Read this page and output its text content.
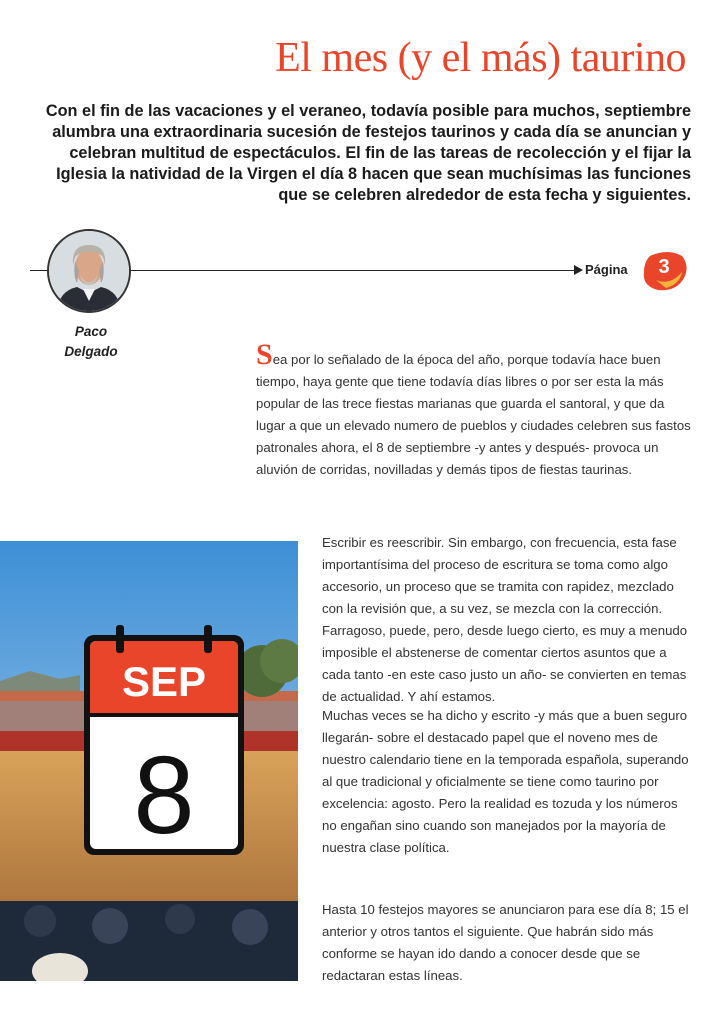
El mes (y el más) taurino

Con el fin de las vacaciones y el veraneo, todavía posible para muchos, septiembre alumbra una extraordinaria sucesión de festejos taurinos y cada día se anuncian y celebran multitud de espectáculos. El fin de las tareas de recolección y el fijar la Iglesia la natividad de la Virgen el día 8 hacen que sean muchísimas las funciones que se celebren alrededor de esta fecha y siguientes.

Paco
Delgado

Página	3

Sea por lo señalado de la época del año, porque todavía hace buen tiempo, haya gente que tiene todavía días libres o por ser esta la más popular de las trece fiestas marianas que guarda el santoral, y que da lugar a que un elevado numero de pueblos y ciudades celebren sus fastos patronales ahora, el 8 de septiembre -y antes y después- provoca un aluvión de corridas, novilladas y demás tipos de fiestas taurinas.

SEP
8

Escribir es reescribir. Sin embargo, con frecuencia, esta fase importantísima del proceso de escritura se toma como algo accesorio, un proceso que se tramita con rapidez, mezclado con la revisión que, a su vez, se mezcla con la corrección. Farragoso, puede, pero, desde luego cierto, es muy a menudo imposible el abstenerse de comentar ciertos asuntos que a cada tanto -en este caso justo un año- se convierten en temas de actualidad. Y ahí estamos.

Muchas veces se ha dicho y escrito -y más que a buen seguro llegarán- sobre el destacado papel que el noveno mes de nuestro calendario tiene en la temporada española, superando al que tradicional y oficialmente se tiene como taurino por excelencia: agosto. Pero la realidad es tozuda y los números no engañan sino cuando son manejados por la mayoría de nuestra clase política.

Hasta 10 festejos mayores se anunciaron para ese día 8; 15 el anterior y otros tantos el siguiente. Que habrán sido más conforme se hayan ido dando a conocer desde que se redactaran estas líneas.
